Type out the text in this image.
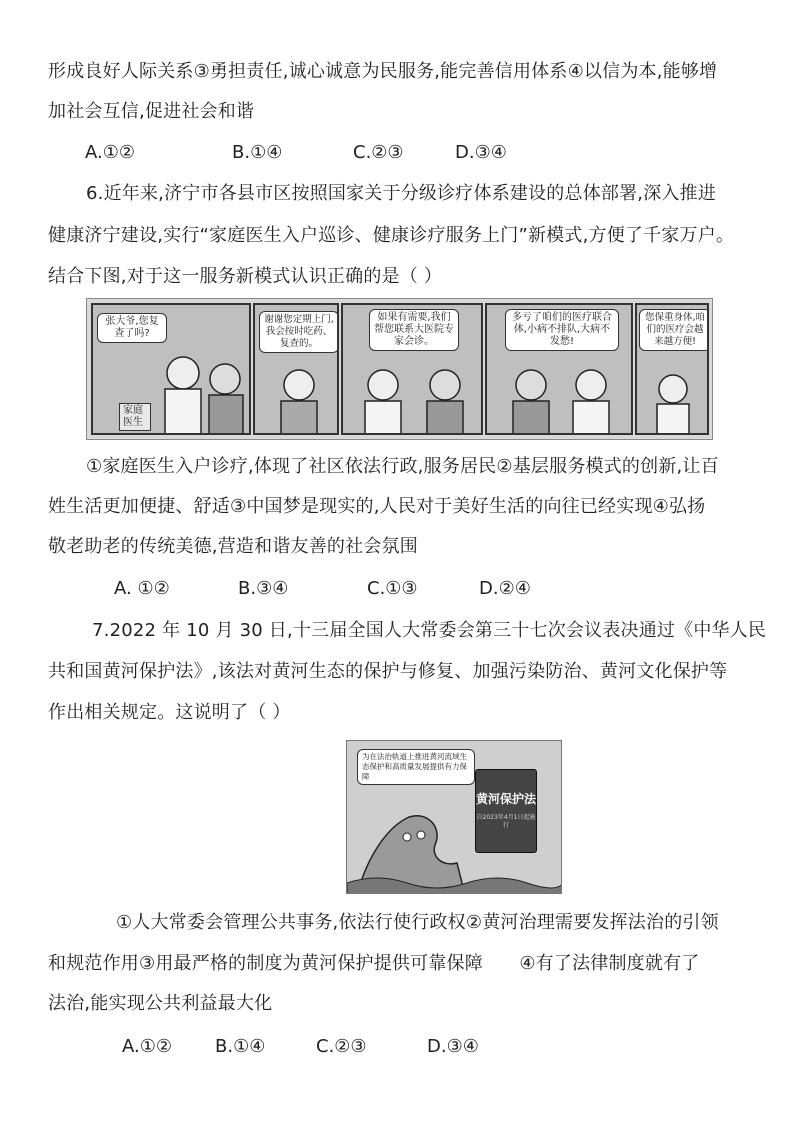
形成良好人际关系③勇担责任,诚心诚意为民服务,能完善信用体系④以信为本,能够增
加社会互信,促进社会和谐
A.①②	B.①④	C.②③	D.③④
6.近年来,济宁市各县市区按照国家关于分级诊疗体系建设的总体部署,深入推进
健康济宁建设,实行“家庭医生入户巡诊、健康诊疗服务上门”新模式,方便了千家万户。
结合下图,对于这一服务新模式认识正确的是（ ）
张大爷,您复查了吗?
家庭医生
谢谢您定期上门,我会按时吃药、复查的。
如果有需要,我们帮您联系大医院专家会诊。
多亏了咱们的医疗联合体,小病不排队,大病不发愁!
您保重身体,咱们的医疗会越来越方便!
①家庭医生入户诊疗,体现了社区依法行政,服务居民②基层服务模式的创新,让百
姓生活更加便捷、舒适③中国梦是现实的,人民对于美好生活的向往已经实现④弘扬
敬老助老的传统美德,营造和谐友善的社会氛围
A. ①②	B.③④	C.①③	D.②④
7.2022 年 10 月 30 日,十三届全国人大常委会第三十七次会议表决通过《中华人民
共和国黄河保护法》,该法对黄河生态的保护与修复、加强污染防治、黄河文化保护等
作出相关规定。这说明了（ ）
为在法治轨道上推进黄河流域生态保护和高质量发展提供有力保障
黄河保护法
自2023年4月1日起施行
①人大常委会管理公共事务,依法行使行政权②黄河治理需要发挥法治的引领
和规范作用③用最严格的制度为黄河保护提供可靠保障　　④有了法律制度就有了
法治,能实现公共利益最大化
A.①② B.①④	C.②③	D.③④
